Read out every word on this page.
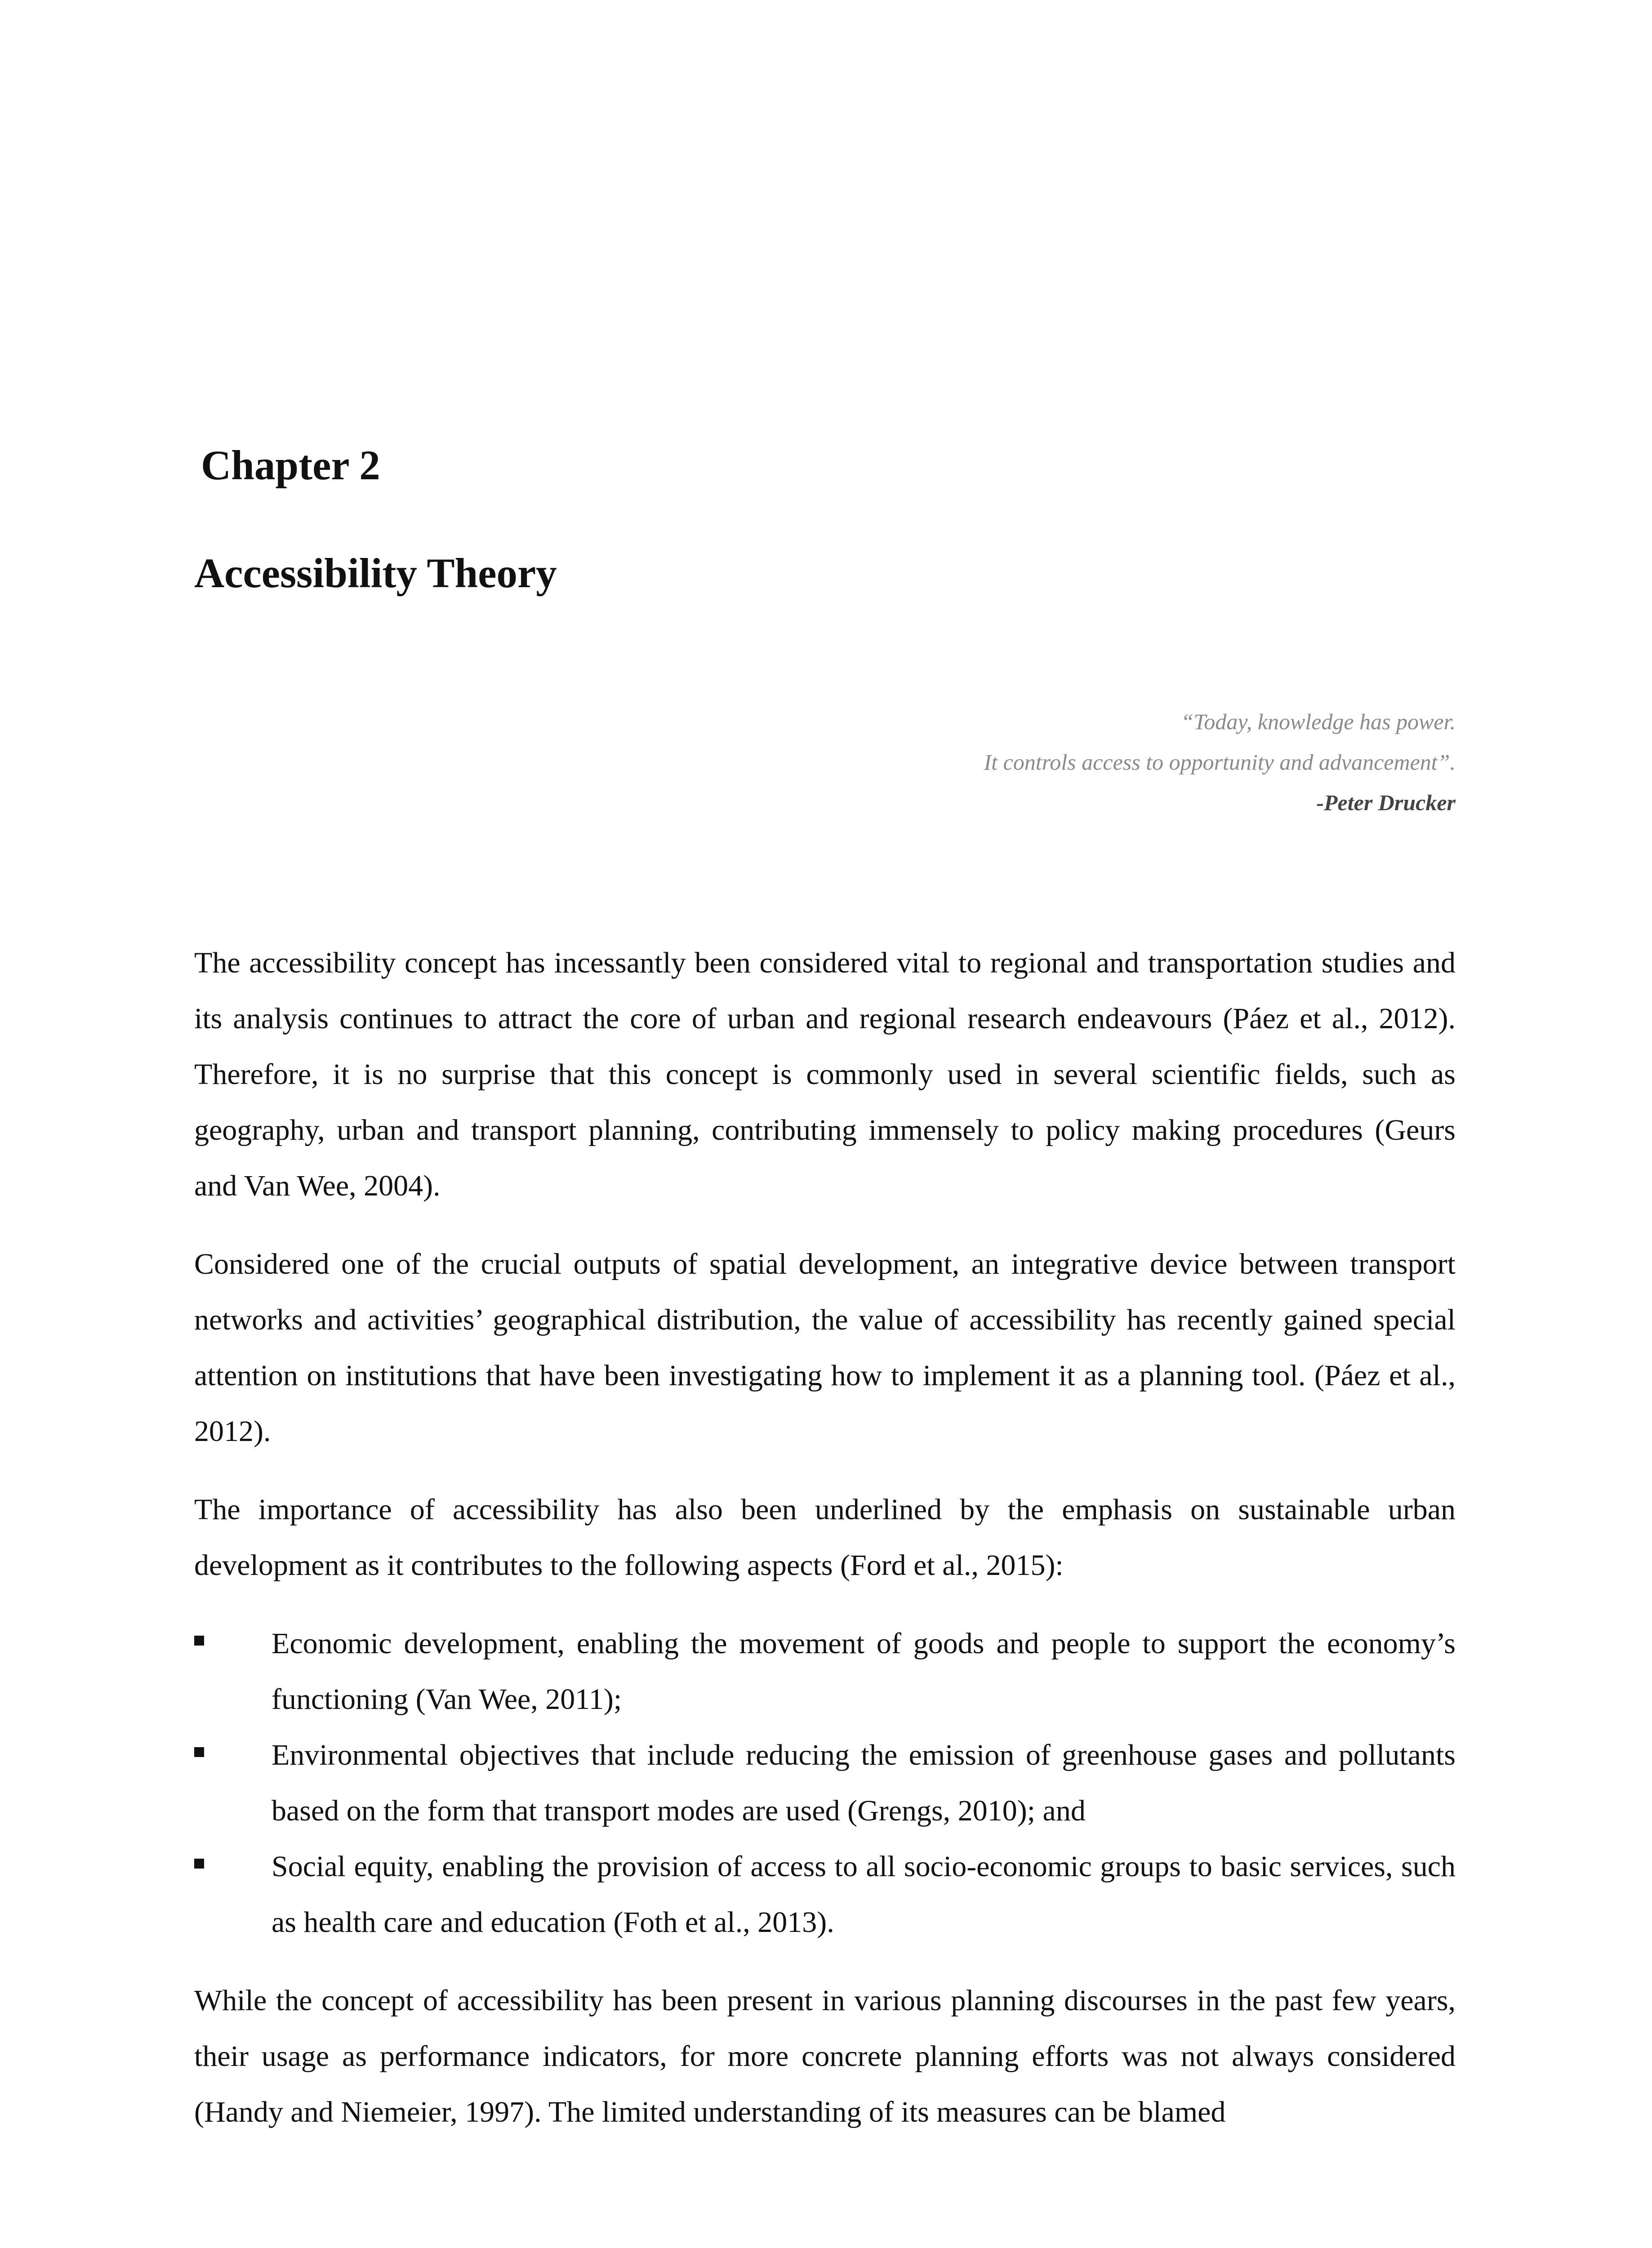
Chapter 2
Accessibility Theory
“Today, knowledge has power.
It controls access to opportunity and advancement”.
-Peter Drucker

The accessibility concept has incessantly been considered vital to regional and transportation studies and its analysis continues to attract the core of urban and regional research endeavours (Páez et al., 2012). Therefore, it is no surprise that this concept is commonly used in several scientific fields, such as geography, urban and transport planning, contributing immensely to policy making procedures (Geurs and Van Wee, 2004).

Considered one of the crucial outputs of spatial development, an integrative device between transport networks and activities’ geographical distribution, the value of accessibility has recently gained special attention on institutions that have been investigating how to implement it as a planning tool. (Páez et al., 2012).

The importance of accessibility has also been underlined by the emphasis on sustainable urban development as it contributes to the following aspects (Ford et al., 2015):

Economic development, enabling the movement of goods and people to support the economy’s functioning (Van Wee, 2011);
Environmental objectives that include reducing the emission of greenhouse gases and pollutants based on the form that transport modes are used (Grengs, 2010); and
Social equity, enabling the provision of access to all socio-economic groups to basic services, such as health care and education (Foth et al., 2013).

While the concept of accessibility has been present in various planning discourses in the past few years, their usage as performance indicators, for more concrete planning efforts was not always considered (Handy and Niemeier, 1997). The limited understanding of its measures can be blamed
